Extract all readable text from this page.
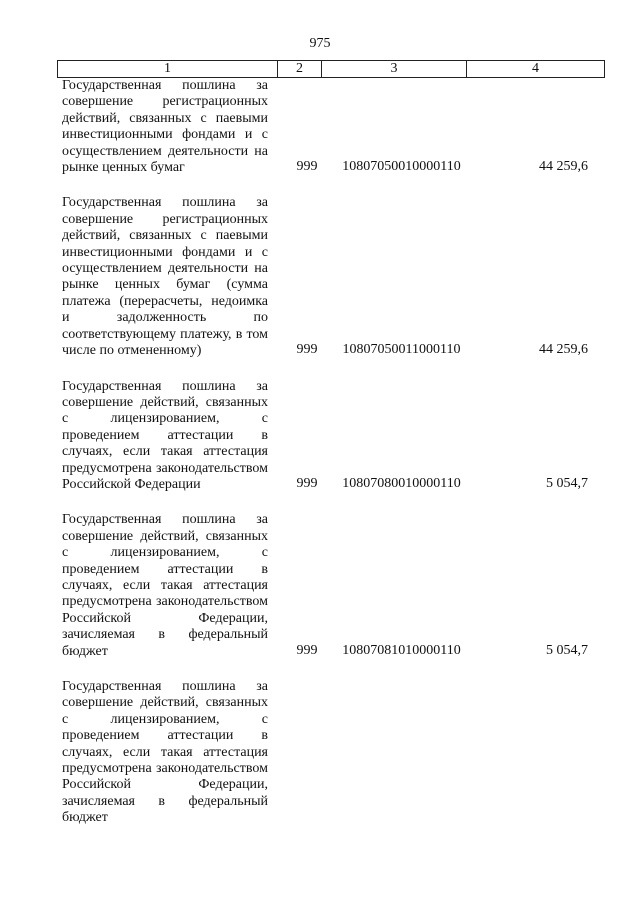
975
1	2	3	4
Государственная пошлина за совершение регистрационных действий, связанных с паевыми инвестиционными фондами и с осуществлением деятельности на рынке ценных бумаг	999	10807050010000110	44 259,6
Государственная пошлина за совершение регистрационных действий, связанных с паевыми инвестиционными фондами и с осуществлением деятельности на рынке ценных бумаг (сумма платежа (перерасчеты, недоимка и задолженность по соответствующему платежу, в том числе по отмененному)	999	10807050011000110	44 259,6
Государственная пошлина за совершение действий, связанных с лицензированием, с проведением аттестации в случаях, если такая аттестация предусмотрена законодательством Российской Федерации	999	10807080010000110	5 054,7
Государственная пошлина за совершение действий, связанных с лицензированием, с проведением аттестации в случаях, если такая аттестация предусмотрена законодательством Российской Федерации, зачисляемая в федеральный бюджет	999	10807081010000110	5 054,7
Государственная пошлина за совершение действий, связанных с лицензированием, с проведением аттестации в случаях, если такая аттестация предусмотрена законодательством Российской Федерации, зачисляемая в федеральный бюджет
